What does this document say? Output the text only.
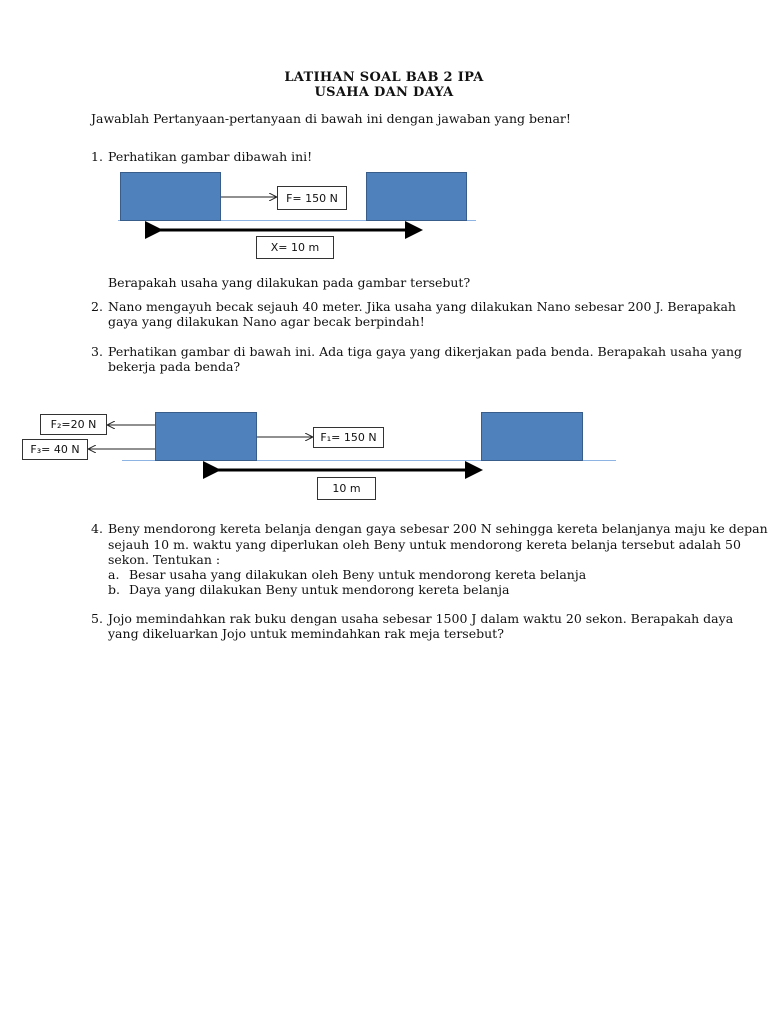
LATIHAN SOAL BAB 2 IPA
USAHA DAN DAYA
Jawablah Pertanyaan-pertanyaan di bawah ini dengan jawaban yang benar!
1. Perhatikan gambar dibawah ini!
F= 150 N
X= 10 m
Berapakah usaha yang dilakukan pada gambar tersebut?
2. Nano mengayuh becak sejauh 40 meter. Jika usaha yang dilakukan Nano sebesar 200 J. Berapakah
gaya yang dilakukan Nano agar becak berpindah!
3. Perhatikan gambar di bawah ini. Ada tiga gaya yang dikerjakan pada benda. Berapakah usaha yang
bekerja pada benda?
F₂=20 N
F₃= 40 N
F₁= 150 N
10 m
4. Beny mendorong kereta belanja dengan gaya sebesar 200 N sehingga kereta belanjanya maju ke depan
sejauh 10 m. waktu yang diperlukan oleh Beny untuk mendorong kereta belanja tersebut adalah 50
sekon. Tentukan :
a. Besar usaha yang dilakukan oleh Beny untuk mendorong kereta belanja
b. Daya yang dilakukan Beny untuk mendorong kereta belanja
5. Jojo memindahkan rak buku dengan usaha sebesar 1500 J dalam waktu 20 sekon. Berapakah daya
yang dikeluarkan Jojo untuk memindahkan rak meja tersebut?
